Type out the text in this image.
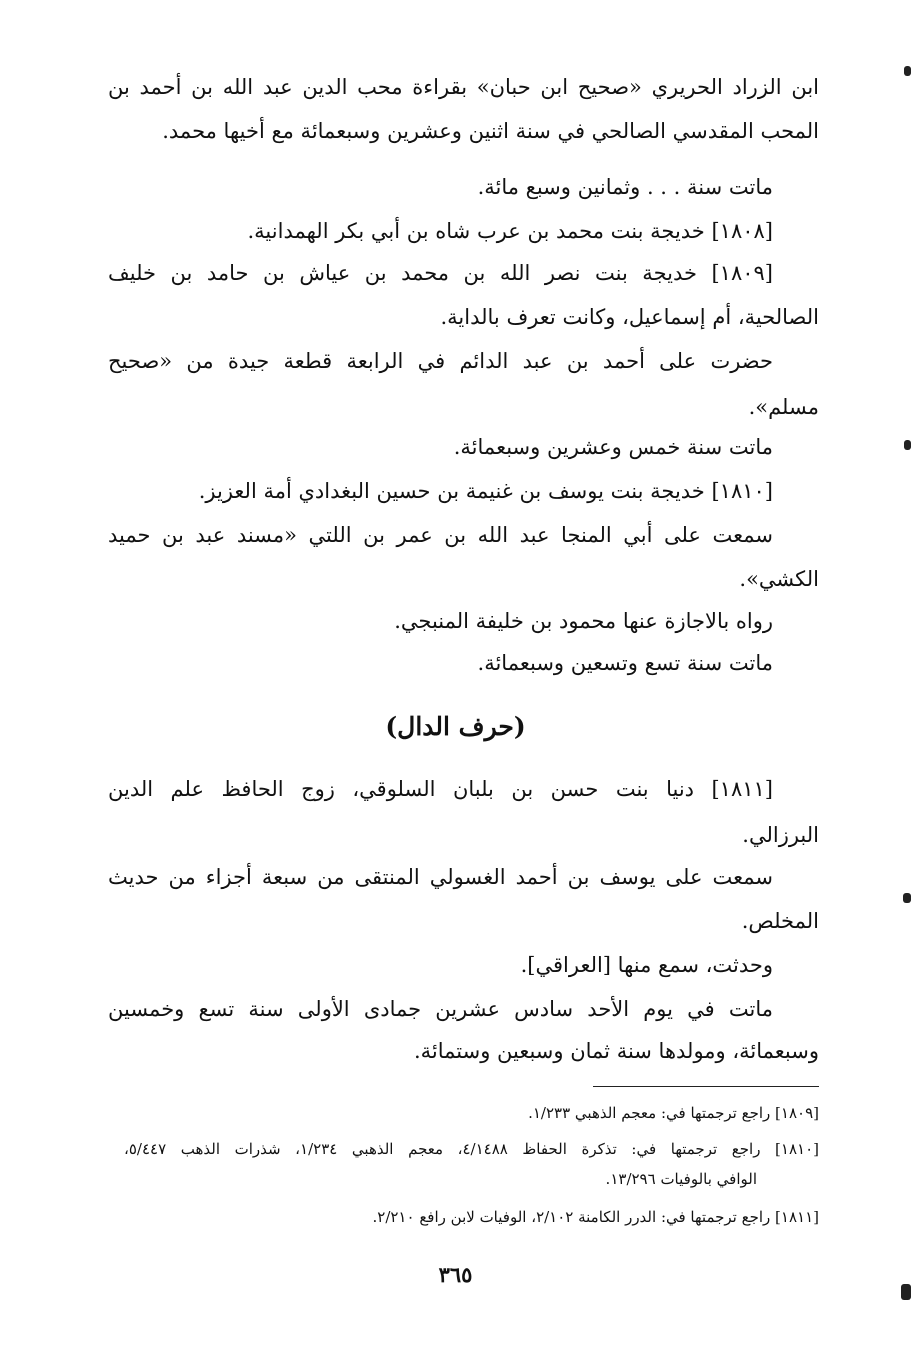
ابن الزراد الحريري «صحيح ابن حبان» بقراءة محب الدين عبد الله بن أحمد بن
المحب المقدسي الصالحي في سنة اثنين وعشرين وسبعمائة مع أخيها محمد.
ماتت سنة . . . وثمانين وسبع مائة.
[١٨٠٨] خديجة بنت محمد بن عرب شاه بن أبي بكر الهمدانية.
[١٨٠٩] خديجة بنت نصر الله بن محمد بن عياش بن حامد بن خليف
الصالحية، أم إسماعيل، وكانت تعرف بالداية.
حضرت على أحمد بن عبد الدائم في الرابعة قطعة جيدة من «صحيح
مسلم».
ماتت سنة خمس وعشرين وسبعمائة.
[١٨١٠] خديجة بنت يوسف بن غنيمة بن حسين البغدادي أمة العزيز.
سمعت على أبي المنجا عبد الله بن عمر بن اللتي «مسند عبد بن حميد
الكشي».
رواه بالاجازة عنها محمود بن خليفة المنبجي.
ماتت سنة تسع وتسعين وسبعمائة.
(حرف الدال)
[١٨١١] دنيا بنت حسن بن بلبان السلوقي، زوج الحافظ علم الدين
البرزالي.
سمعت على يوسف بن أحمد الغسولي المنتقى من سبعة أجزاء من حديث
المخلص.
وحدثت، سمع منها [العراقي].
ماتت في يوم الأحد سادس عشرين جمادى الأولى سنة تسع وخمسين
وسبعمائة، ومولدها سنة ثمان وسبعين وستمائة.
[١٨٠٩] راجع ترجمتها في: معجم الذهبي ١/٢٣٣.
[١٨١٠] راجع ترجمتها في: تذكرة الحفاظ ٤/١٤٨٨، معجم الذهبي ١/٢٣٤، شذرات الذهب ٥/٤٤٧،
الوافي بالوفيات ١٣/٢٩٦.
[١٨١١] راجع ترجمتها في: الدرر الكامنة ٢/١٠٢، الوفيات لابن رافع ٢/٢١٠.
٣٦٥
